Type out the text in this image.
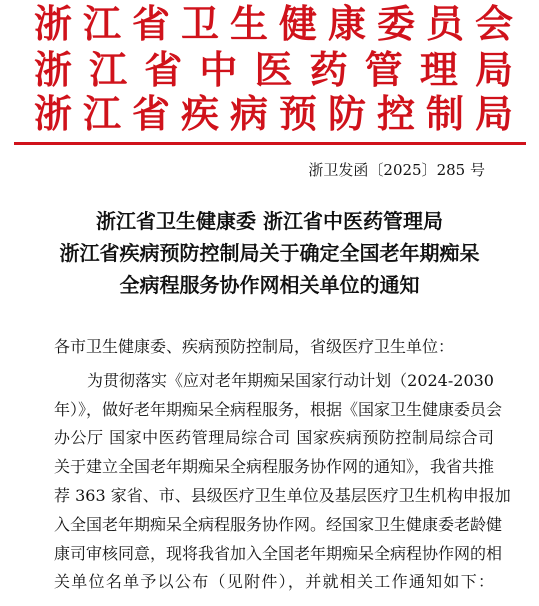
浙江省卫生健康委员会
浙江省中医药管理局
浙江省疾病预防控制局
浙卫发函〔2025〕285 号
浙江省卫生健康委 浙江省中医药管理局
浙江省疾病预防控制局关于确定全国老年期痴呆
全病程服务协作网相关单位的通知
各市卫生健康委、疾病预防控制局，省级医疗卫生单位：
为贯彻落实《应对老年期痴呆国家行动计划（2024-2030
年）》，做好老年期痴呆全病程服务，根据《国家卫生健康委员会
办公厅 国家中医药管理局综合司 国家疾病预防控制局综合司
关于建立全国老年期痴呆全病程服务协作网的通知》，我省共推
荐 363 家省、市、县级医疗卫生单位及基层医疗卫生机构申报加
入全国老年期痴呆全病程服务协作网。经国家卫生健康委老龄健
康司审核同意，现将我省加入全国老年期痴呆全病程协作网的相
关单位名单予以公布（见附件），并就相关工作通知如下：
